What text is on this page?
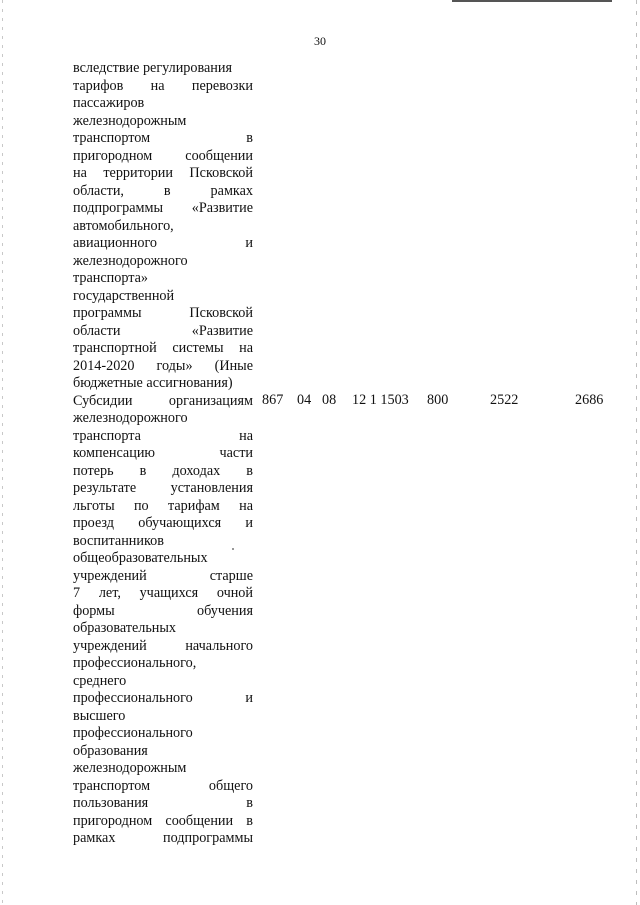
30
вследствие регулирования
тарифов на перевозки
пассажиров
железнодорожным
транспортом в
пригородном сообщении
на территории Псковской
области, в рамках
подпрограммы «Развитие
автомобильного,
авиационного и
железнодорожного
транспорта»
государственной
программы Псковской
области «Развитие
транспортной системы на
2014-2020 годы» (Иные
бюджетные ассигнования)
Субсидии организациям
железнодорожного
транспорта на
компенсацию части
потерь в доходах в
результате установления
льготы по тарифам на
проезд обучающихся и
воспитанников
общеобразовательных
учреждений старше
7 лет, учащихся очной
формы обучения
образовательных
учреждений начального
профессионального,
среднего
профессионального и
высшего
профессионального
образования
железнодорожным
транспортом общего
пользования в
пригородном сообщении в
рамках подпрограммы
867 04 08 12 1 1503 800	2522	2686
